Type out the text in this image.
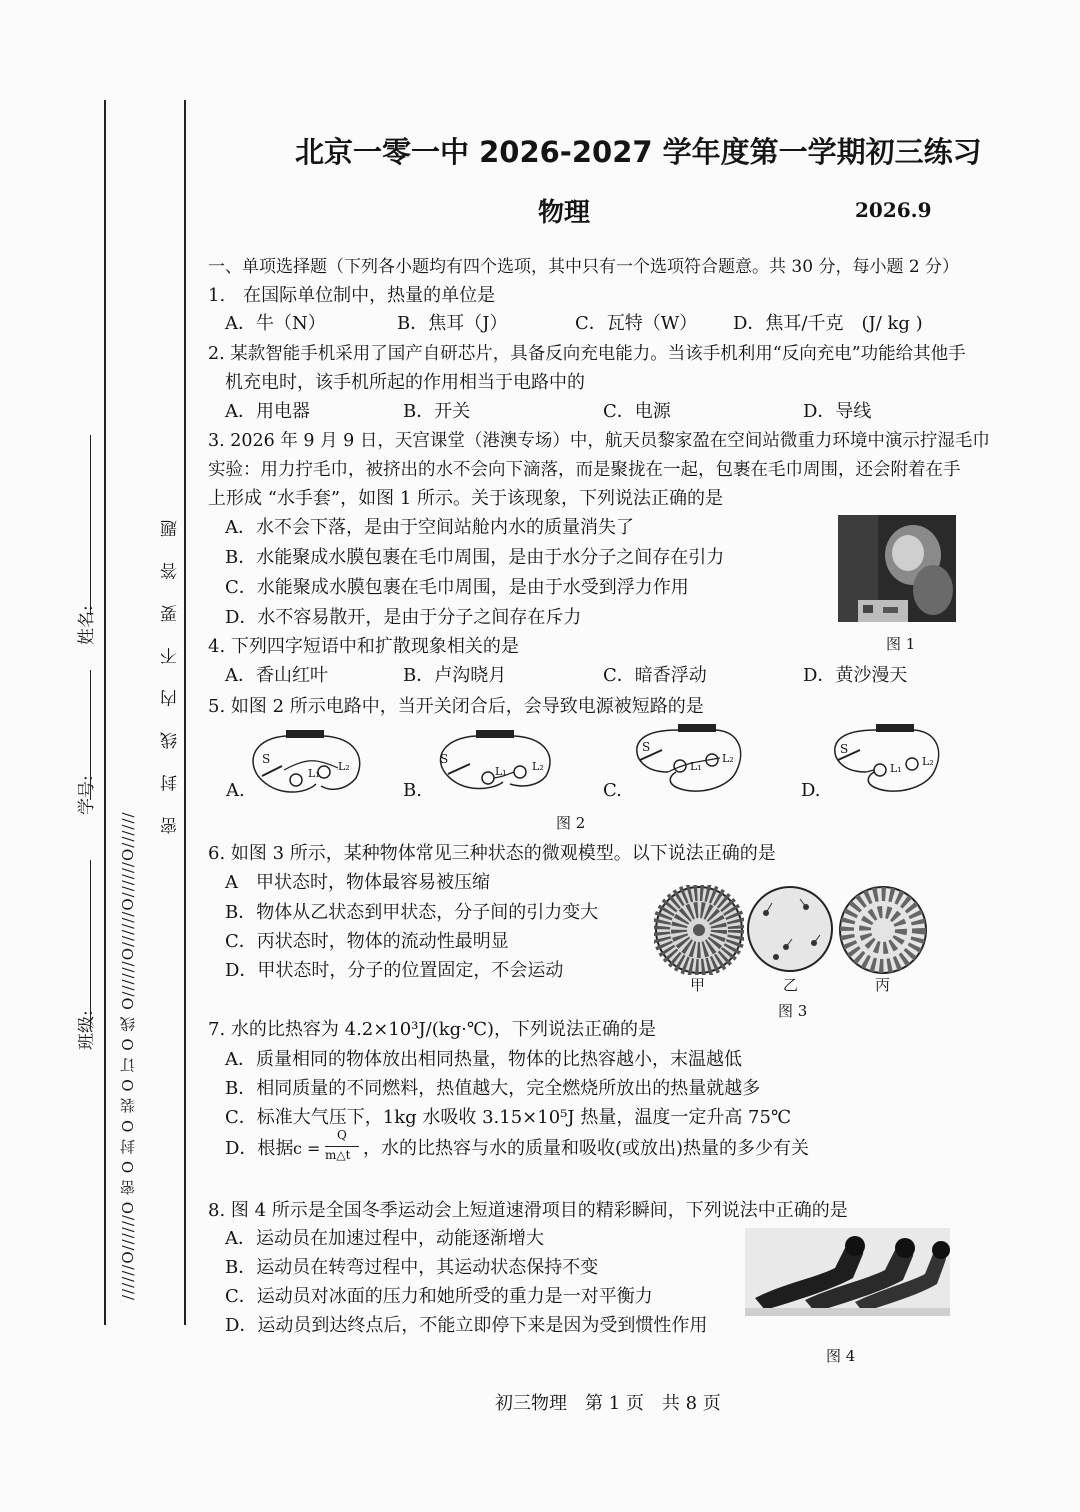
班级:
学号:
姓名:
//////O//////O 密 O 封 O 装 O 订 O 线 O//////O//////O//////O//////
密 封 线 内 不 要 答 题
北京一零一中 2026-2027 学年度第一学期初三练习
物理	2026.9
一、单项选择题（下列各小题均有四个选项，其中只有一个选项符合题意。共 30 分，每小题 2 分）
1.　在国际单位制中，热量的单位是
A．牛（N）	B．焦耳（J）	C．瓦特（W） D．焦耳/千克　(J/ kg )
2. 某款智能手机采用了国产自研芯片，具备反向充电能力。当该手机利用“反向充电”功能给其他手
机充电时，该手机所起的作用相当于电路中的
A．用电器	B．开关	C．电源	D．导线
3. 2026 年 9 月 9 日，天宫课堂（港澳专场）中，航天员黎家盈在空间站微重力环境中演示拧湿毛巾
实验：用力拧毛巾，被挤出的水不会向下滴落，而是聚拢在一起，包裹在毛巾周围，还会附着在手
上形成 “水手套”，如图 1 所示。关于该现象，下列说法正确的是
A．水不会下落，是由于空间站舱内水的质量消失了
B．水能聚成水膜包裹在毛巾周围，是由于水分子之间存在引力
C．水能聚成水膜包裹在毛巾周围，是由于水受到浮力作用
D．水不容易散开，是由于分子之间存在斥力
图 1
4. 下列四字短语中和扩散现象相关的是
A．香山红叶	B．卢沟晓月	C．暗香浮动	D．黄沙漫天
5. 如图 2 所示电路中，当开关闭合后，会导致电源被短路的是
A.
S
L₁
L₂
B.
S
L₁ L₂
C.
S
L₁
L₂
D.
S
L₁
L₂
图 2
6. 如图 3 所示，某种物体常见三种状态的微观模型。以下说法正确的是
A　甲状态时，物体最容易被压缩
B．物体从乙状态到甲状态，分子间的引力变大
C．丙状态时，物体的流动性最明显
D．甲状态时，分子的位置固定，不会运动
甲	乙	丙
图 3
7. 水的比热容为 4.2×10³J/(kg·℃)，下列说法正确的是
A．质量相同的物体放出相同热量，物体的比热容越小，末温越低
B．相同质量的不同燃料，热值越大，完全燃烧所放出的热量就越多
C．标准大气压下，1kg 水吸收 3.15×10⁵J 热量，温度一定升高 75℃
D．根据 c =
Q
m△t ，水的比热容与水的质量和吸收(或放出)热量的多少有关
8. 图 4 所示是全国冬季运动会上短道速滑项目的精彩瞬间，下列说法中正确的是
A．运动员在加速过程中，动能逐渐增大
B．运动员在转弯过程中，其运动状态保持不变
C．运动员对冰面的压力和她所受的重力是一对平衡力
D．运动员到达终点后，不能立即停下来是因为受到惯性作用
图 4
初三物理　第 1 页　共 8 页
